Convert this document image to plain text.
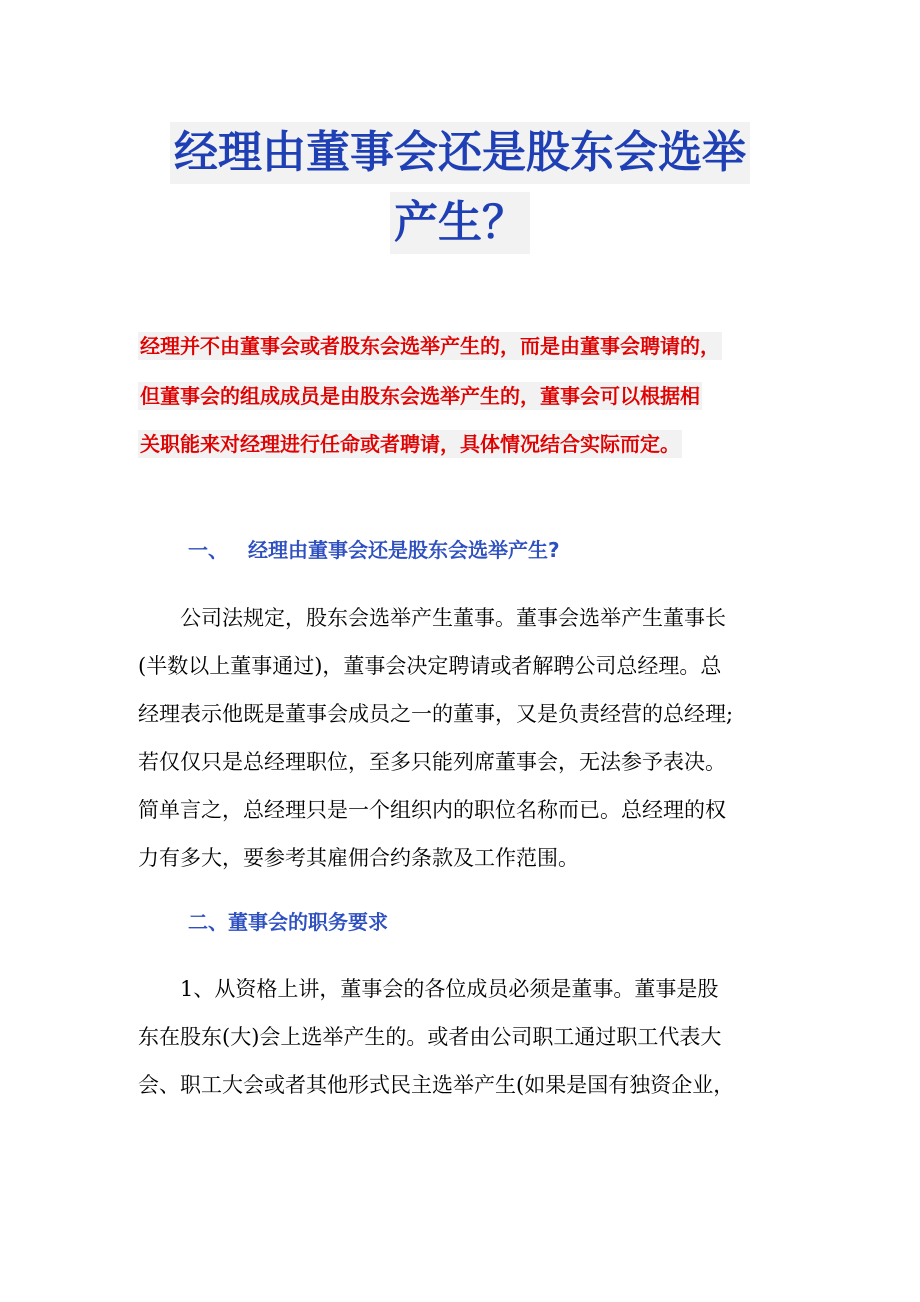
经理由董事会还是股东会选举
产生？

经理并不由董事会或者股东会选举产生的，而是由董事会聘请的，

但董事会的组成成员是由股东会选举产生的，董事会可以根据相

关职能来对经理进行任命或者聘请，具体情况结合实际而定。

一、 经理由董事会还是股东会选举产生?
　　公司法规定，股东会选举产生董事。董事会选举产生董事长
(半数以上董事通过)，董事会决定聘请或者解聘公司总经理。总
经理表示他既是董事会成员之一的董事，又是负责经营的总经理;
若仅仅只是总经理职位，至多只能列席董事会，无法参予表决。
简单言之，总经理只是一个组织内的职位名称而已。总经理的权
力有多大，要参考其雇佣合约条款及工作范围。
二、董事会的职务要求
　　1、从资格上讲，董事会的各位成员必须是董事。董事是股
东在股东(大)会上选举产生的。或者由公司职工通过职工代表大
会、职工大会或者其他形式民主选举产生(如果是国有独资企业，
